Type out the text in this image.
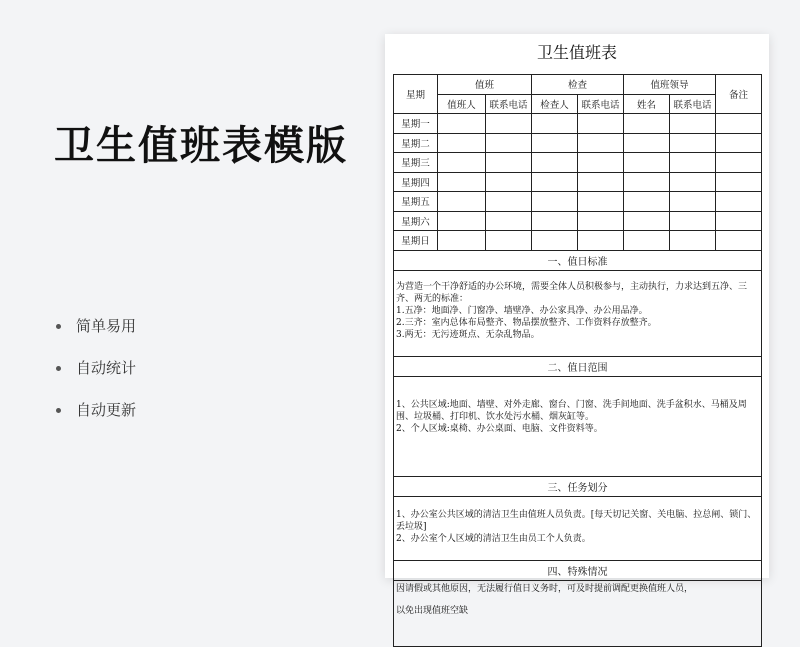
卫生值班表模版
简单易用
自动统计
自动更新
卫生值班表
星期	值班		检查		值班领导		备注
	值班人	联系电话	检查人	联系电话	姓名	联系电话	
星期一							
星期二							
星期三							
星期四							
星期五							
星期六							
星期日							
一、值日标准							

为营造一个干净舒适的办公环境，需要全体人员积极参与，主动执行，力求达到五净、三齐、两无的标准：
1.五净：地面净、门窗净、墙壁净、办公家具净、办公用品净。
2.三齐：室内总体布局整齐、物品摆放整齐、工作资料存放整齐。
3.两无：无污迹斑点、无杂乱物品。							

二、值日范围							

1、公共区域:地面、墙壁、对外走廊、窗台、门窗、洗手间地面、洗手盆积水、马桶及周围、垃圾桶、打印机、饮水处污水桶、烟灰缸等。
2、个人区域:桌椅、办公桌面、电脑、文件资料等。							

三、任务划分							

1、办公室公共区域的清洁卫生由值班人员负责。[每天切记关窗、关电脑、拉总闸、锁门、丢垃圾]
2、办公室个人区域的清洁卫生由员工个人负责。							

四、特殊情况							

因请假或其他原因，无法履行值日义务时，可及时提前调配更换值班人员，
以免出现值班空缺							
